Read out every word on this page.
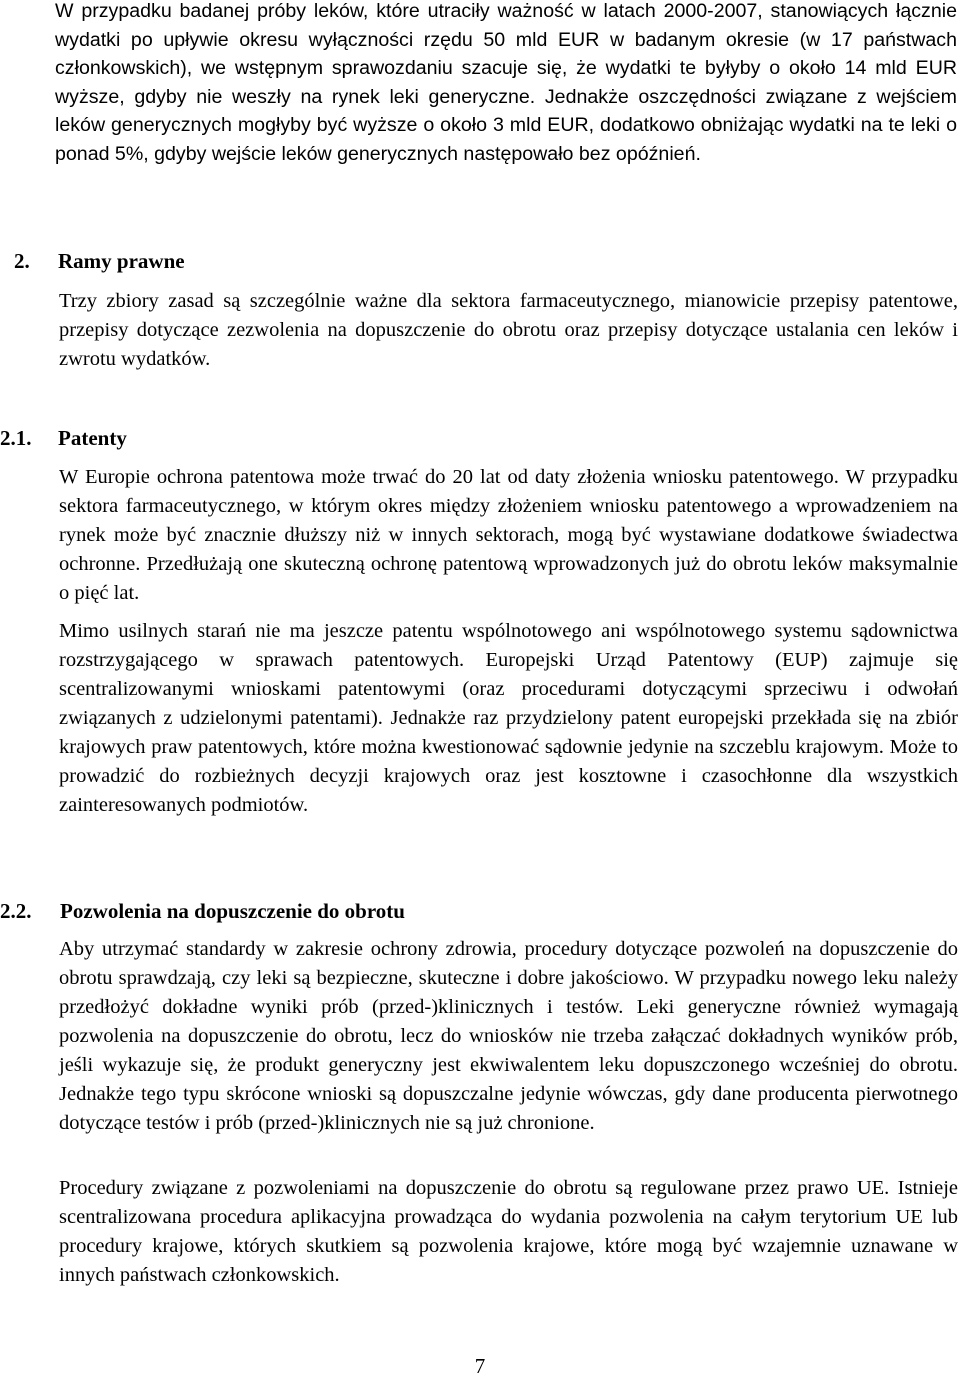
W przypadku badanej próby leków, które utraciły ważność w latach 2000-2007, stanowiących łącznie wydatki po upływie okresu wyłączności rzędu 50 mld EUR w badanym okresie (w 17 państwach członkowskich), we wstępnym sprawozdaniu szacuje się, że wydatki te byłyby o około 14 mld EUR wyższe, gdyby nie weszły na rynek leki generyczne. Jednakże oszczędności związane z wejściem leków generycznych mogłyby być wyższe o około 3 mld EUR, dodatkowo obniżając wydatki na te leki o ponad 5%, gdyby wejście leków generycznych następowało bez opóźnień.

2. Ramy prawne

Trzy zbiory zasad są szczególnie ważne dla sektora farmaceutycznego, mianowicie przepisy patentowe, przepisy dotyczące zezwolenia na dopuszczenie do obrotu oraz przepisy dotyczące ustalania cen leków i zwrotu wydatków.

2.1. Patenty

W Europie ochrona patentowa może trwać do 20 lat od daty złożenia wniosku patentowego. W przypadku sektora farmaceutycznego, w którym okres między złożeniem wniosku patentowego a wprowadzeniem na rynek może być znacznie dłuższy niż w innych sektorach, mogą być wystawiane dodatkowe świadectwa ochronne. Przedłużają one skuteczną ochronę patentową wprowadzonych już do obrotu leków maksymalnie o pięć lat.

Mimo usilnych starań nie ma jeszcze patentu wspólnotowego ani wspólnotowego systemu sądownictwa rozstrzygającego w sprawach patentowych. Europejski Urząd Patentowy (EUP) zajmuje się scentralizowanymi wnioskami patentowymi (oraz procedurami dotyczącymi sprzeciwu i odwołań związanych z udzielonymi patentami). Jednakże raz przydzielony patent europejski przekłada się na zbiór krajowych praw patentowych, które można kwestionować sądownie jedynie na szczeblu krajowym. Może to prowadzić do rozbieżnych decyzji krajowych oraz jest kosztowne i czasochłonne dla wszystkich zainteresowanych podmiotów.

2.2. Pozwolenia na dopuszczenie do obrotu

Aby utrzymać standardy w zakresie ochrony zdrowia, procedury dotyczące pozwoleń na dopuszczenie do obrotu sprawdzają, czy leki są bezpieczne, skuteczne i dobre jakościowo. W przypadku nowego leku należy przedłożyć dokładne wyniki prób (przed-)klinicznych i testów. Leki generyczne również wymagają pozwolenia na dopuszczenie do obrotu, lecz do wniosków nie trzeba załączać dokładnych wyników prób, jeśli wykazuje się, że produkt generyczny jest ekwiwalentem leku dopuszczonego wcześniej do obrotu. Jednakże tego typu skrócone wnioski są dopuszczalne jedynie wówczas, gdy dane producenta pierwotnego dotyczące testów i prób (przed-)klinicznych nie są już chronione.

Procedury związane z pozwoleniami na dopuszczenie do obrotu są regulowane przez prawo UE. Istnieje scentralizowana procedura aplikacyjna prowadząca do wydania pozwolenia na całym terytorium UE lub procedury krajowe, których skutkiem są pozwolenia krajowe, które mogą być wzajemnie uznawane w innych państwach członkowskich.

7
